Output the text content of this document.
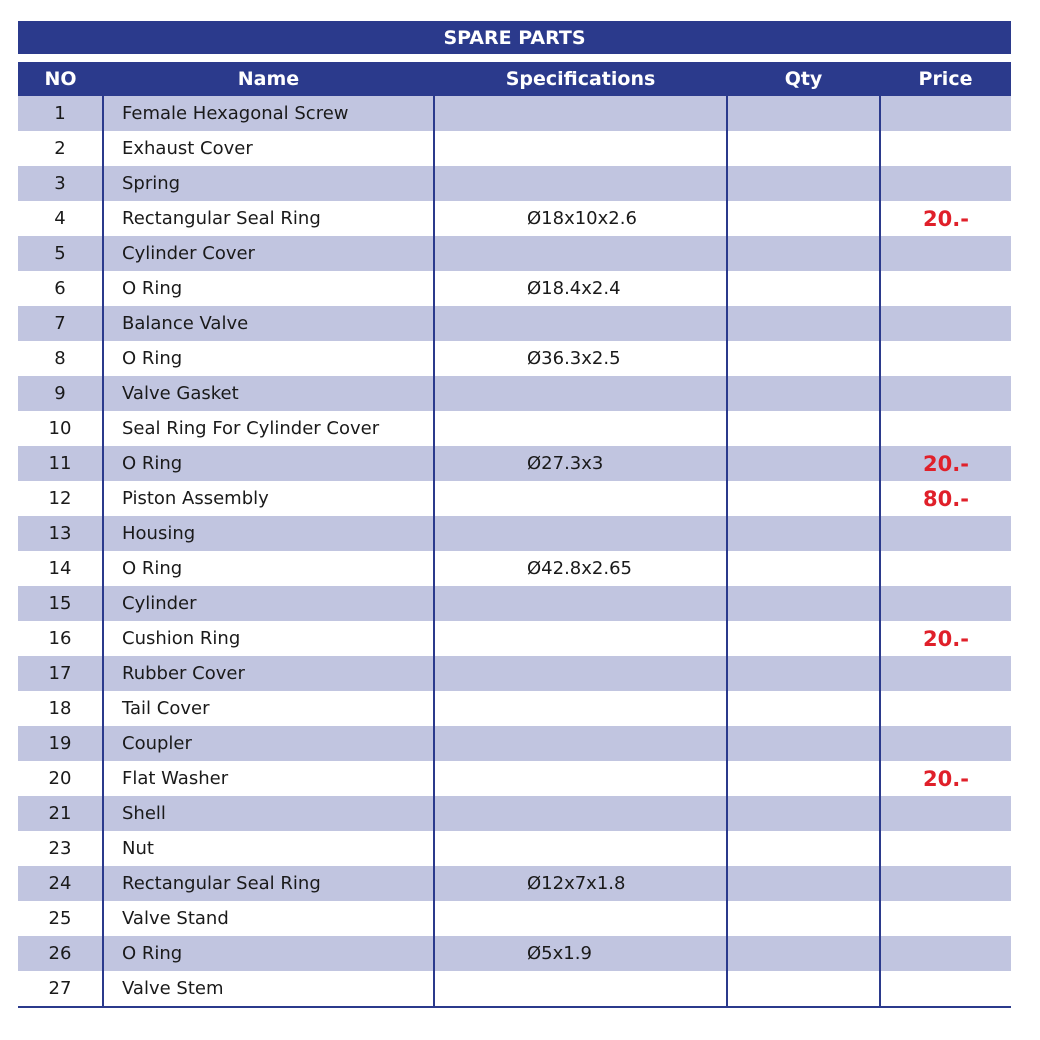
SPARE PARTS
NO	Name	Specifications	Qty	Price
1	Female Hexagonal Screw			
2	Exhaust Cover			
3	Spring			
4	Rectangular Seal Ring	Ø18x10x2.6		20.-
5	Cylinder Cover			
6	O Ring	Ø18.4x2.4		
7	Balance Valve			
8	O Ring	Ø36.3x2.5		
9	Valve Gasket			
10	Seal Ring For Cylinder Cover			
11	O Ring	Ø27.3x3		20.-
12	Piston Assembly			80.-
13	Housing			
14	O Ring	Ø42.8x2.65		
15	Cylinder			
16	Cushion Ring			20.-
17	Rubber Cover			
18	Tail Cover			
19	Coupler			
20	Flat Washer			20.-
21	Shell			
23	Nut			
24	Rectangular Seal Ring	Ø12x7x1.8		
25	Valve Stand			
26	O Ring	Ø5x1.9		
27	Valve Stem			
